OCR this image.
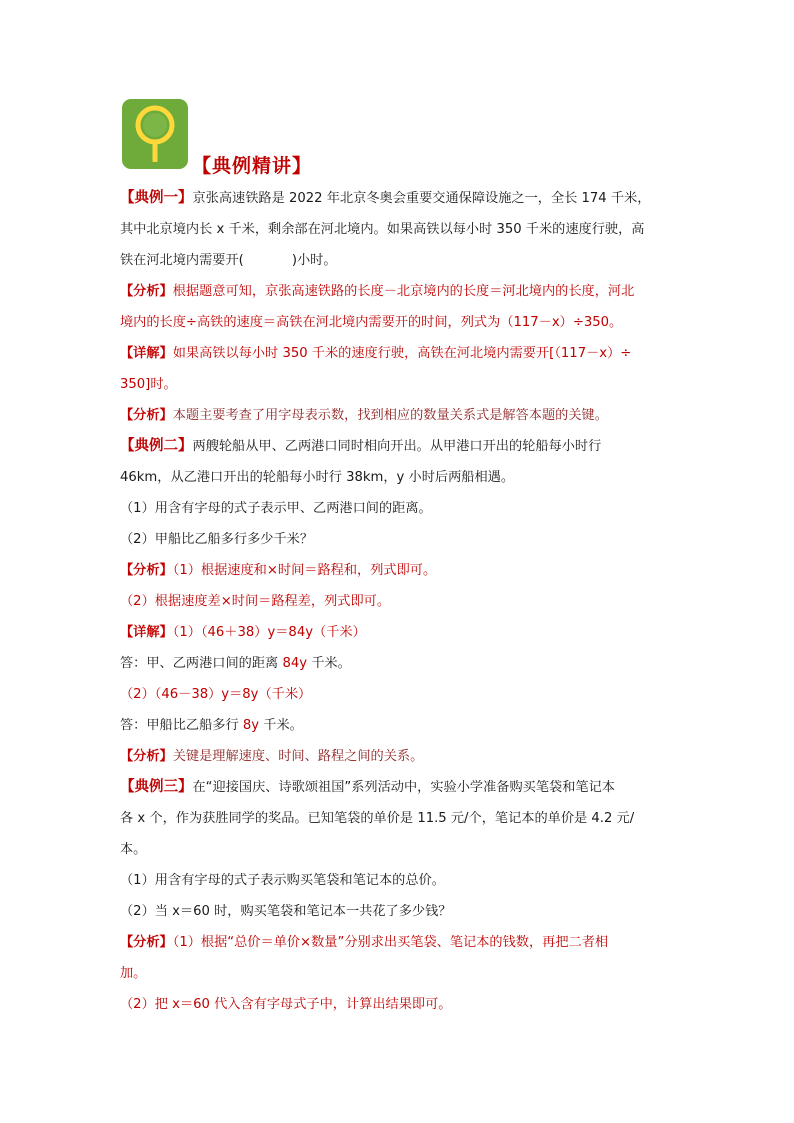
【典例精讲】

【典例一】京张高速铁路是 2022 年北京冬奥会重要交通保障设施之一，全长 174 千米，

其中北京境内长 x 千米，剩余部在河北境内。如果高铁以每小时 350 千米的速度行驶，高

铁在河北境内需要开(	)小时。

【分析】根据题意可知，京张高速铁路的长度－北京境内的长度＝河北境内的长度，河北

境内的长度÷高铁的速度＝高铁在河北境内需要开的时间，列式为（117－x）÷350。

【详解】如果高铁以每小时 350 千米的速度行驶，高铁在河北境内需要开[（117－x）÷

350]时。

【分析】本题主要考查了用字母表示数，找到相应的数量关系式是解答本题的关键。

【典例二】两艘轮船从甲、乙两港口同时相向开出。从甲港口开出的轮船每小时行

46km，从乙港口开出的轮船每小时行 38km，y 小时后两船相遇。

（1）用含有字母的式子表示甲、乙两港口间的距离。

（2）甲船比乙船多行多少千米？

【分析】（1）根据速度和×时间＝路程和，列式即可。

（2）根据速度差×时间＝路程差，列式即可。

【详解】（1）（46＋38）y＝84y（千米）

答：甲、乙两港口间的距离 84y 千米。

（2）（46－38）y＝8y（千米）

答：甲船比乙船多行 8y 千米。

【分析】关键是理解速度、时间、路程之间的关系。

【典例三】在“迎接国庆、诗歌颂祖国”系列活动中，实验小学准备购买笔袋和笔记本

各 x 个，作为获胜同学的奖品。已知笔袋的单价是 11.5 元/个，笔记本的单价是 4.2 元/

本。

（1）用含有字母的式子表示购买笔袋和笔记本的总价。

（2）当 x＝60 时，购买笔袋和笔记本一共花了多少钱？

【分析】（1）根据“总价＝单价×数量”分别求出买笔袋、笔记本的钱数，再把二者相

加。

（2）把 x＝60 代入含有字母式子中，计算出结果即可。
